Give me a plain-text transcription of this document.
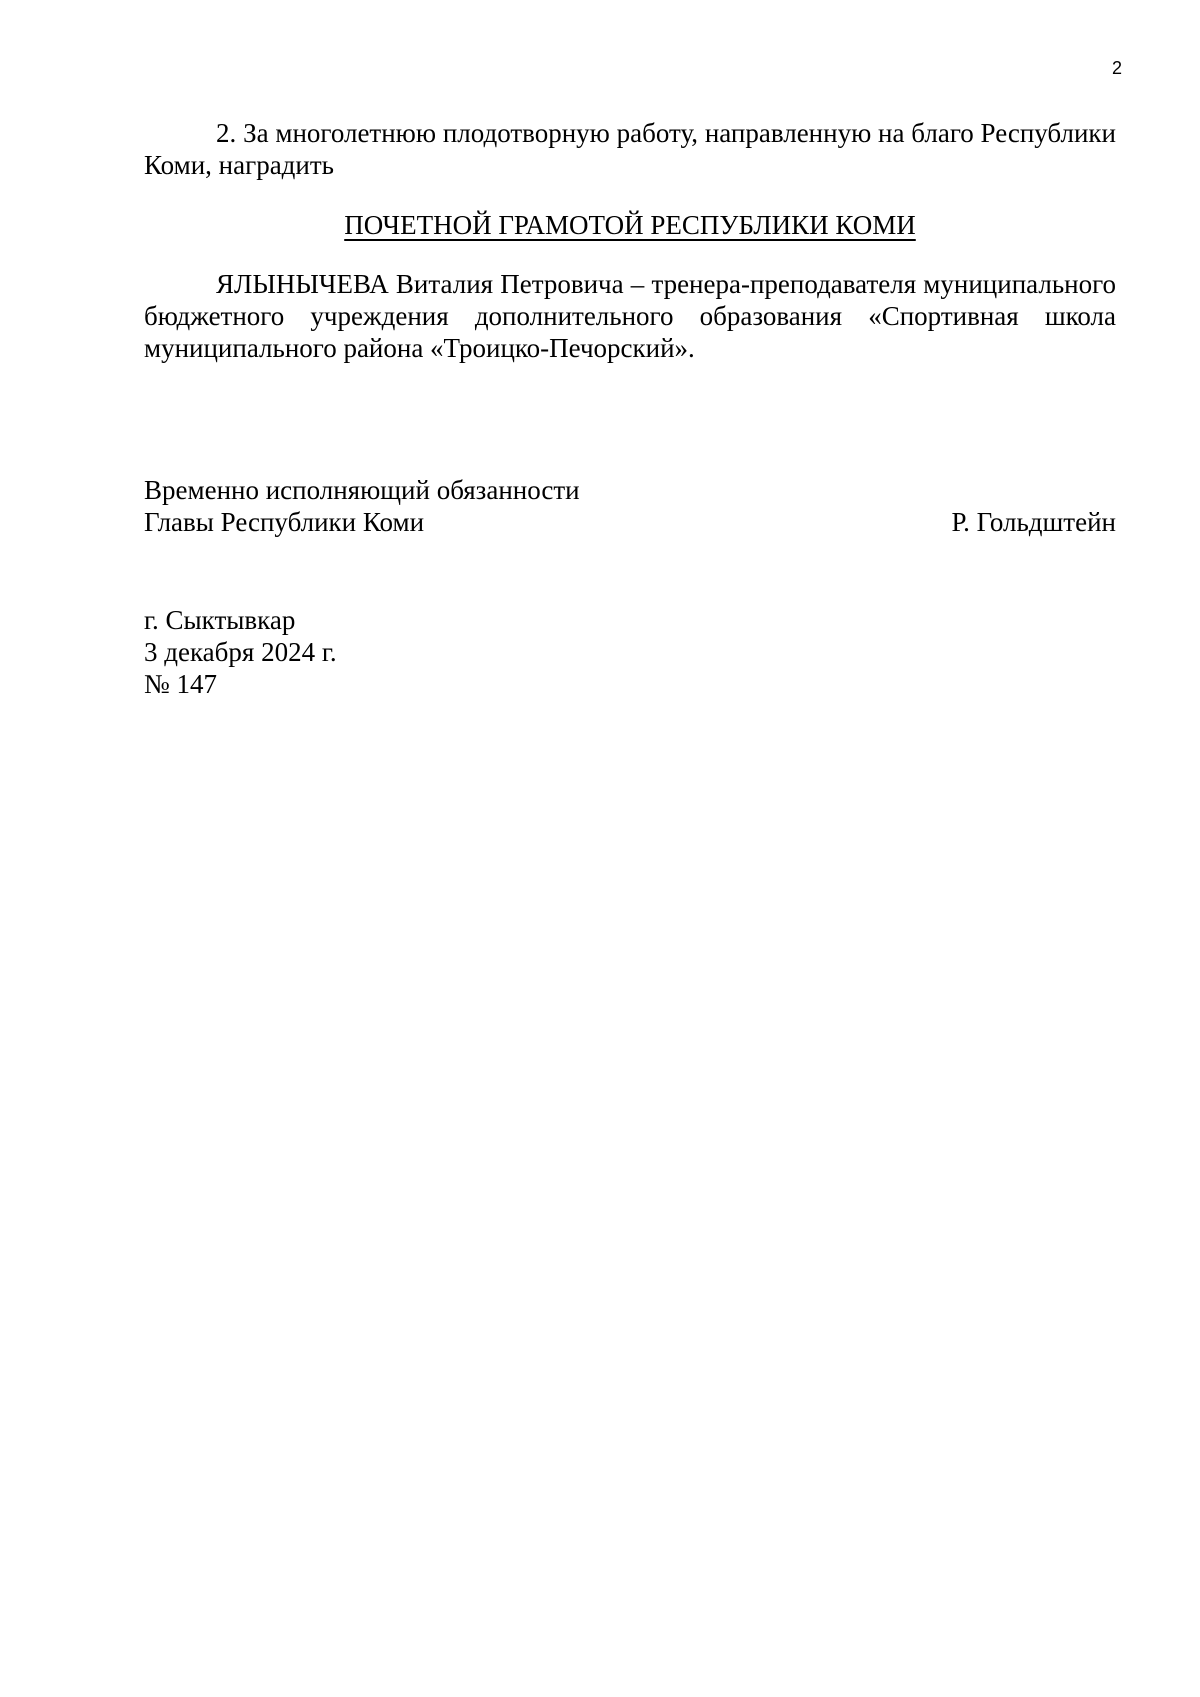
2

2. За многолетнюю плодотворную работу, направленную на благо Республики Коми, наградить

ПОЧЕТНОЙ ГРАМОТОЙ РЕСПУБЛИКИ КОМИ

ЯЛЫНЫЧЕВА Виталия Петровича – тренера-преподавателя муниципального бюджетного учреждения дополнительного образования «Спортивная школа муниципального района «Троицко-Печорский».

Временно исполняющий обязанности
Главы Республики Коми	Р. Гольдштейн
г. Сыктывкар
3 декабря 2024 г.
№ 147
